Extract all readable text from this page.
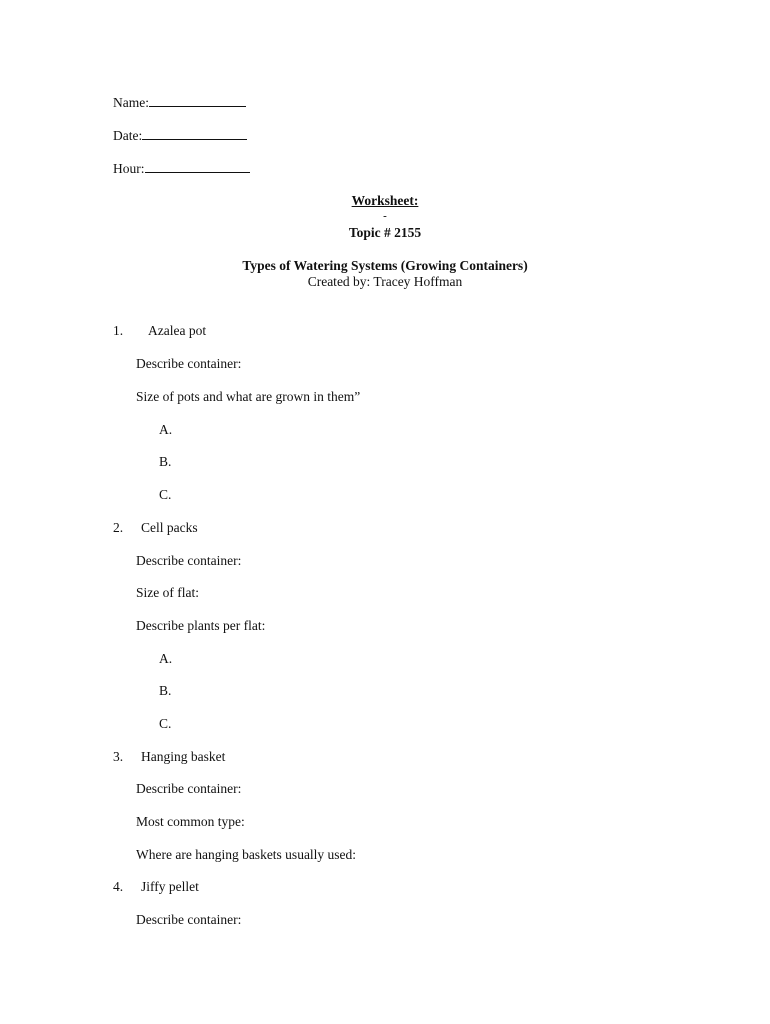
Name:
Date:
Hour:
Worksheet:
-
Topic # 2155
Types of Watering Systems (Growing Containers)
Created by: Tracey Hoffman
1. Azalea pot
Describe container:
Size of pots and what are grown in them”
A.
B.
C.
2. Cell packs
Describe container:
Size of flat:
Describe plants per flat:
A.
B.
C.
3. Hanging basket
Describe container:
Most common type:
Where are hanging baskets usually used:
4. Jiffy pellet
Describe container:
